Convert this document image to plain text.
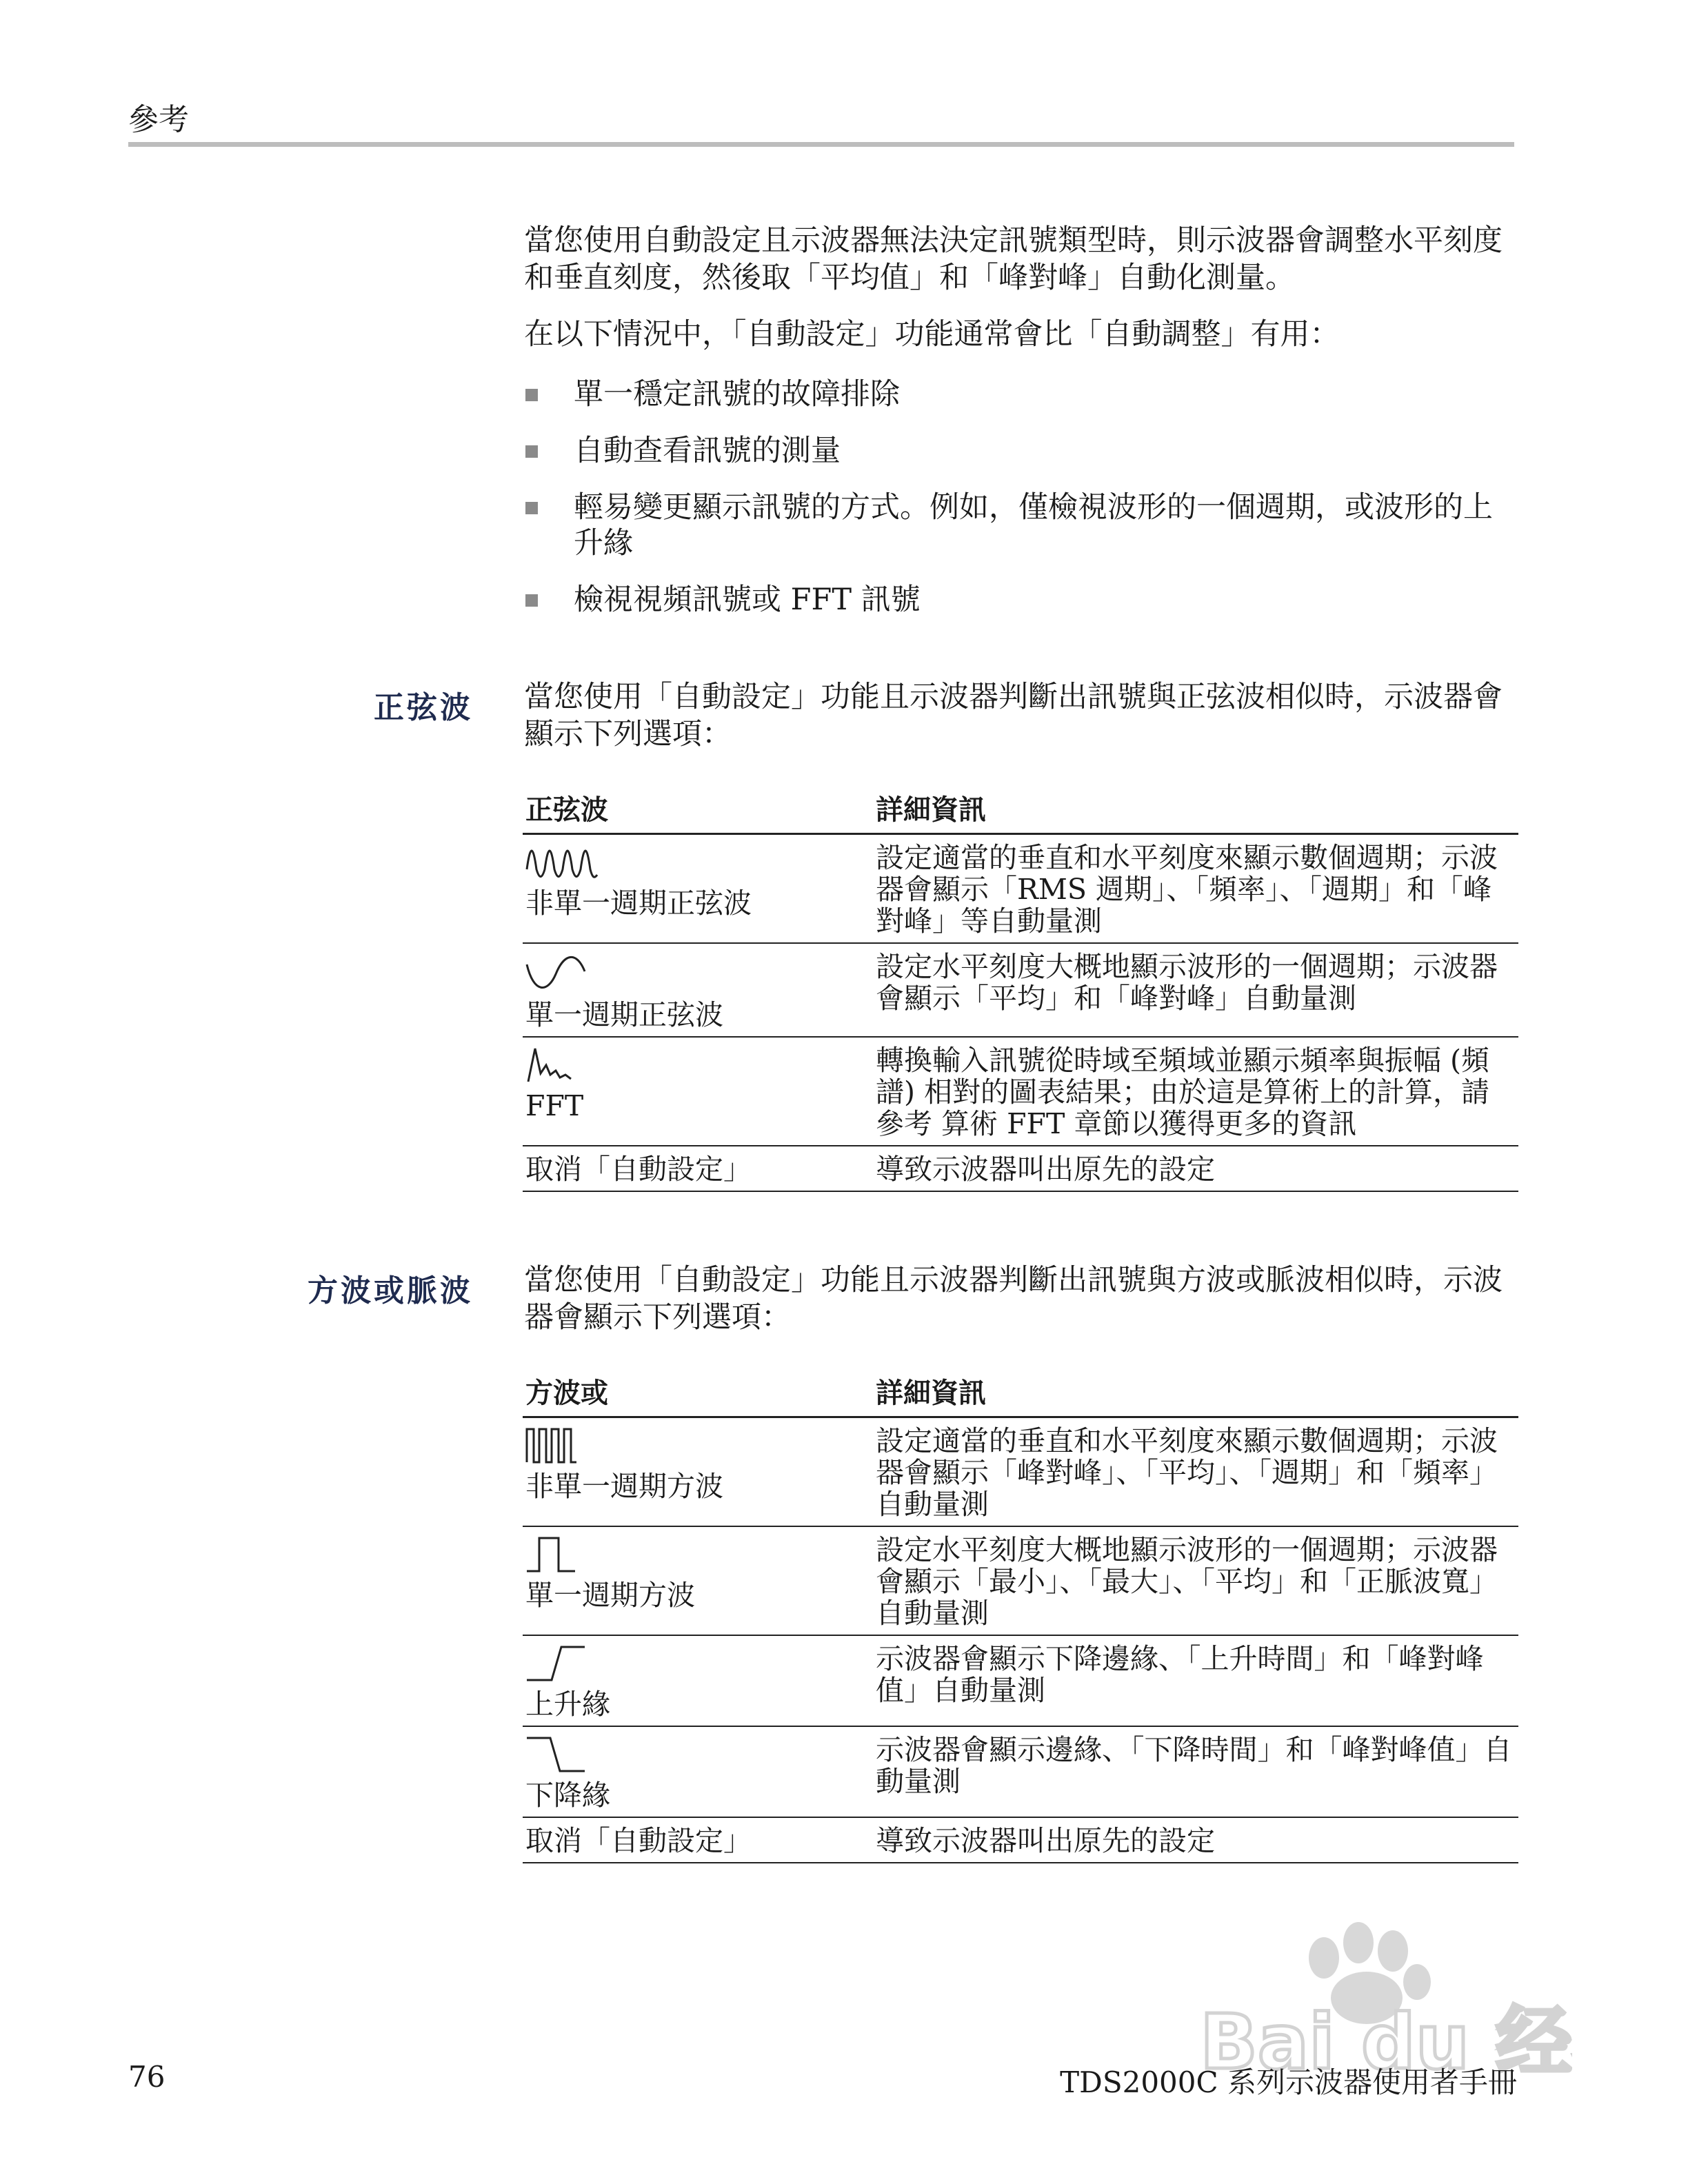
參考

當您使用自動設定且示波器無法決定訊號類型時，則示波器會調整水平刻度和垂直刻度，然後取「平均值」和「峰對峰」自動化測量。

在以下情況中，「自動設定」功能通常會比「自動調整」有用：

單一穩定訊號的故障排除
自動查看訊號的測量
輕易變更顯示訊號的方式。例如，僅檢視波形的一個週期，或波形的上升緣
檢視視頻訊號或 FFT 訊號
正弦波 當您使用「自動設定」功能且示波器判斷出訊號與正弦波相似時，示波器會顯示下列選項：

正弦波	詳細資訊

非單一週期正弦波	設定適當的垂直和水平刻度來顯示數個週期；示波器會顯示「RMS 週期」、「頻率」、「週期」和「峰對峰」等自動量測

單一週期正弦波	設定水平刻度大概地顯示波形的一個週期；示波器會顯示「平均」和「峰對峰」自動量測

FFT	轉換輸入訊號從時域至頻域並顯示頻率與振幅 (頻譜) 相對的圖表結果；由於這是算術上的計算，請參考 算術 FFT 章節以獲得更多的資訊
取消「自動設定」	導致示波器叫出原先的設定
方波或脈波 當您使用「自動設定」功能且示波器判斷出訊號與方波或脈波相似時，示波器會顯示下列選項：

方波或	詳細資訊

非單一週期方波	設定適當的垂直和水平刻度來顯示數個週期；示波器會顯示「峰對峰」、「平均」、「週期」和「頻率」自動量測

單一週期方波	設定水平刻度大概地顯示波形的一個週期；示波器會顯示「最小」、「最大」、「平均」和「正脈波寬」自動量測

上升緣	示波器會顯示下降邊緣、「上升時間」和「峰對峰值」自動量測

下降緣	示波器會顯示邊緣、「下降時間」和「峰對峰值」自動量測
取消「自動設定」	導致示波器叫出原先的設定
Bai du 经
76	TDS2000C 系列示波器使用者手冊
